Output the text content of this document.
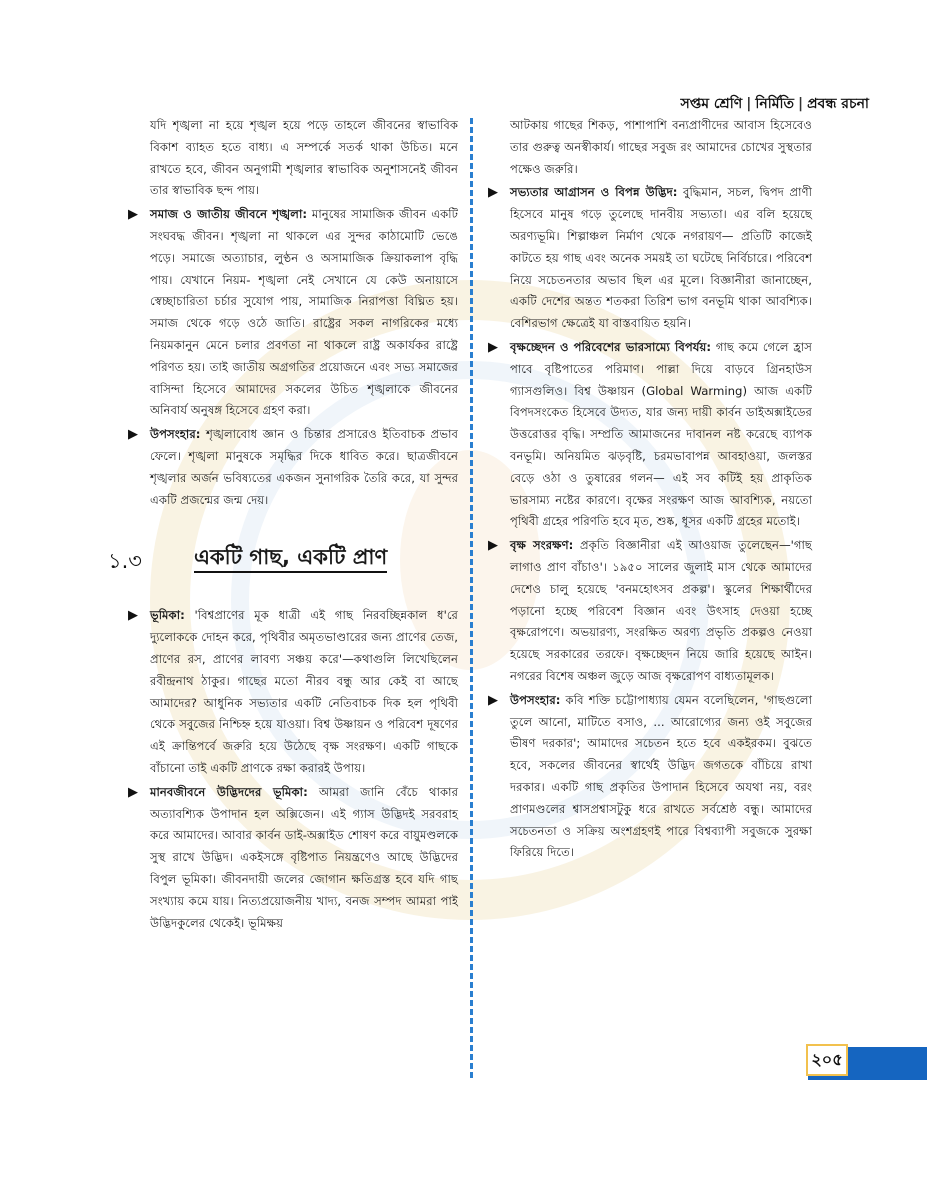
সপ্তম শ্রেণি | নির্মিতি | প্রবন্ধ রচনা

যদি শৃঙ্খলা না হয়ে শৃঙ্খল হয়ে পড়ে তাহলে জীবনের স্বাভাবিক বিকাশ ব্যাহত হতে বাধ্য। এ সম্পর্কে সতর্ক থাকা উচিত। মনে রাখতে হবে, জীবন অনুগামী শৃঙ্খলার স্বাভাবিক অনুশাসনেই জীবন তার স্বাভাবিক ছন্দ পায়।

▶ সমাজ ও জাতীয় জীবনে শৃঙ্খলা: মানুষের সামাজিক জীবন একটি সংঘবদ্ধ জীবন। শৃঙ্খলা না থাকলে এর সুন্দর কাঠামোটি ভেঙে পড়ে। সমাজে অত্যাচার, লুণ্ঠন ও অসামাজিক ক্রিয়াকলাপ বৃদ্ধি পায়। যেখানে নিয়ম- শৃঙ্খলা নেই সেখানে যে কেউ অনায়াসে স্বেচ্ছাচারিতা চর্চার সুযোগ পায়, সামাজিক নিরাপত্তা বিঘ্নিত হয়। সমাজ থেকে গড়ে ওঠে জাতি। রাষ্ট্রের সকল নাগরিকের মধ্যে নিয়মকানুন মেনে চলার প্রবণতা না থাকলে রাষ্ট্র অকার্যকর রাষ্ট্রে পরিণত হয়। তাই জাতীয় অগ্রগতির প্রয়োজনে এবং সভ্য সমাজের বাসিন্দা হিসেবে আমাদের সকলের উচিত শৃঙ্খলাকে জীবনের অনিবার্য অনুষঙ্গ হিসেবে গ্রহণ করা।
▶ উপসংহার: শৃঙ্খলাবোধ জ্ঞান ও চিন্তার প্রসারেও ইতিবাচক প্রভাব ফেলে। শৃঙ্খলা মানুষকে সমৃদ্ধির দিকে ধাবিত করে। ছাত্রজীবনে শৃঙ্খলার অর্জন ভবিষ্যতের একজন সুনাগরিক তৈরি করে, যা সুন্দর একটি প্রজন্মের জন্ম দেয়।
১.৩ একটি গাছ, একটি প্রাণ
▶ ভূমিকা: 'বিশ্বপ্রাণের মূক ধাত্রী এই গাছ নিরবচ্ছিন্নকাল ধ'রে দ্যুলোককে দোহন করে, পৃথিবীর অমৃতভাণ্ডারের জন্য প্রাণের তেজ, প্রাণের রস, প্রাণের লাবণ্য সঞ্চয় করে'—কথাগুলি লিখেছিলেন রবীন্দ্রনাথ ঠাকুর। গাছের মতো নীরব বন্ধু আর কেই বা আছে আমাদের? আধুনিক সভ্যতার একটি নেতিবাচক দিক হল পৃথিবী থেকে সবুজের নিশ্চিহ্ন হয়ে যাওয়া। বিশ্ব উষ্ণায়ন ও পরিবেশ দূষণের এই ক্রান্তিপর্বে জরুরি হয়ে উঠেছে বৃক্ষ সংরক্ষণ। একটি গাছকে বাঁচানো তাই একটি প্রাণকে রক্ষা করারই উপায়।
▶ মানবজীবনে উদ্ভিদদের ভূমিকা: আমরা জানি বেঁচে থাকার অত্যাবশ্যিক উপাদান হল অক্সিজেন। এই গ্যাস উদ্ভিদই সরবরাহ করে আমাদের। আবার কার্বন ডাই-অক্সাইড শোষণ করে বায়ুমণ্ডলকে সুস্থ রাখে উদ্ভিদ। একইসঙ্গে বৃষ্টিপাত নিয়ন্ত্রণেও আছে উদ্ভিদের বিপুল ভূমিকা। জীবনদায়ী জলের জোগান ক্ষতিগ্রস্ত হবে যদি গাছ সংখ্যায় কমে যায়। নিত্যপ্রয়োজনীয় খাদ্য, বনজ সম্পদ আমরা পাই উদ্ভিদকুলের থেকেই। ভূমিক্ষয়

আটকায় গাছের শিকড়, পাশাপাশি বন্যপ্রাণীদের আবাস হিসেবেও তার গুরুত্ব অনস্বীকার্য। গাছের সবুজ রং আমাদের চোখের সুস্থতার পক্ষেও জরুরি।

▶ সভ্যতার আগ্রাসন ও বিপন্ন উদ্ভিদ: বুদ্ধিমান, সচল, দ্বিপদ প্রাণী হিসেবে মানুষ গড়ে তুলেছে দানবীয় সভ্যতা। এর বলি হয়েছে অরণ্যভূমি। শিল্পাঞ্চল নির্মাণ থেকে নগরায়ণ— প্রতিটি কাজেই কাটতে হয় গাছ এবং অনেক সময়ই তা ঘটেছে নির্বিচারে। পরিবেশ নিয়ে সচেতনতার অভাব ছিল এর মূলে। বিজ্ঞানীরা জানাচ্ছেন, একটি দেশের অন্তত শতকরা তিরিশ ভাগ বনভূমি থাকা আবশ্যিক। বেশিরভাগ ক্ষেত্রেই যা বাস্তবায়িত হয়নি।
▶ বৃক্ষচ্ছেদন ও পরিবেশের ভারসাম্যে বিপর্যয়: গাছ কমে গেলে হ্রাস পাবে বৃষ্টিপাতের পরিমাণ। পাল্লা দিয়ে বাড়বে গ্রিনহাউস গ্যাসগুলিও। বিশ্ব উষ্ণায়ন (Global Warming) আজ একটি বিপদসংকেত হিসেবে উদ্যত, যার জন্য দায়ী কার্বন ডাইঅক্সাইডের উত্তরোত্তর বৃদ্ধি। সম্প্রতি আমাজনের দাবানল নষ্ট করেছে ব্যাপক বনভূমি। অনিয়মিত ঝড়বৃষ্টি, চরমভাবাপন্ন আবহাওয়া, জলস্তর বেড়ে ওঠা ও তুষারের গলন— এই সব কটিই হয় প্রাকৃতিক ভারসাম্য নষ্টের কারণে। বৃক্ষের সংরক্ষণ আজ আবশ্যিক, নয়তো পৃথিবী গ্রহের পরিণতি হবে মৃত, শুষ্ক, ধূসর একটি গ্রহের মতোই।
▶ বৃক্ষ সংরক্ষণ: প্রকৃতি বিজ্ঞানীরা এই আওয়াজ তুলেছেন—'গাছ লাগাও প্রাণ বাঁচাও'। ১৯৫০ সালের জুলাই মাস থেকে আমাদের দেশেও চালু হয়েছে 'বনমহোৎসব প্রকল্প'। স্কুলের শিক্ষার্থীদের পড়ানো হচ্ছে পরিবেশ বিজ্ঞান এবং উৎসাহ দেওয়া হচ্ছে বৃক্ষরোপণে। অভয়ারণ্য, সংরক্ষিত অরণ্য প্রভৃতি প্রকল্পও নেওয়া হয়েছে সরকারের তরফে। বৃক্ষচ্ছেদন নিয়ে জারি হয়েছে আইন। নগরের বিশেষ অঞ্চল জুড়ে আজ বৃক্ষরোপণ বাধ্যতামূলক।
▶ উপসংহার: কবি শক্তি চট্টোপাধ্যায় যেমন বলেছিলেন, 'গাছগুলো তুলে আনো, মাটিতে বসাও, ... আরোগ্যের জন্য ওই সবুজের ভীষণ দরকার'; আমাদের সচেতন হতে হবে একইরকম। বুঝতে হবে, সকলের জীবনের স্বার্থেই উদ্ভিদ জগতকে বাঁচিয়ে রাখা দরকার। একটি গাছ প্রকৃতির উপাদান হিসেবে অযথা নয়, বরং প্রাণমণ্ডলের শ্বাসপ্রশ্বাসটুকু ধরে রাখতে সর্বশ্রেষ্ঠ বন্ধু। আমাদের সচেতনতা ও সক্রিয় অংশগ্রহণই পারে বিশ্বব্যাপী সবুজকে সুরক্ষা ফিরিয়ে দিতে।
২০৫
